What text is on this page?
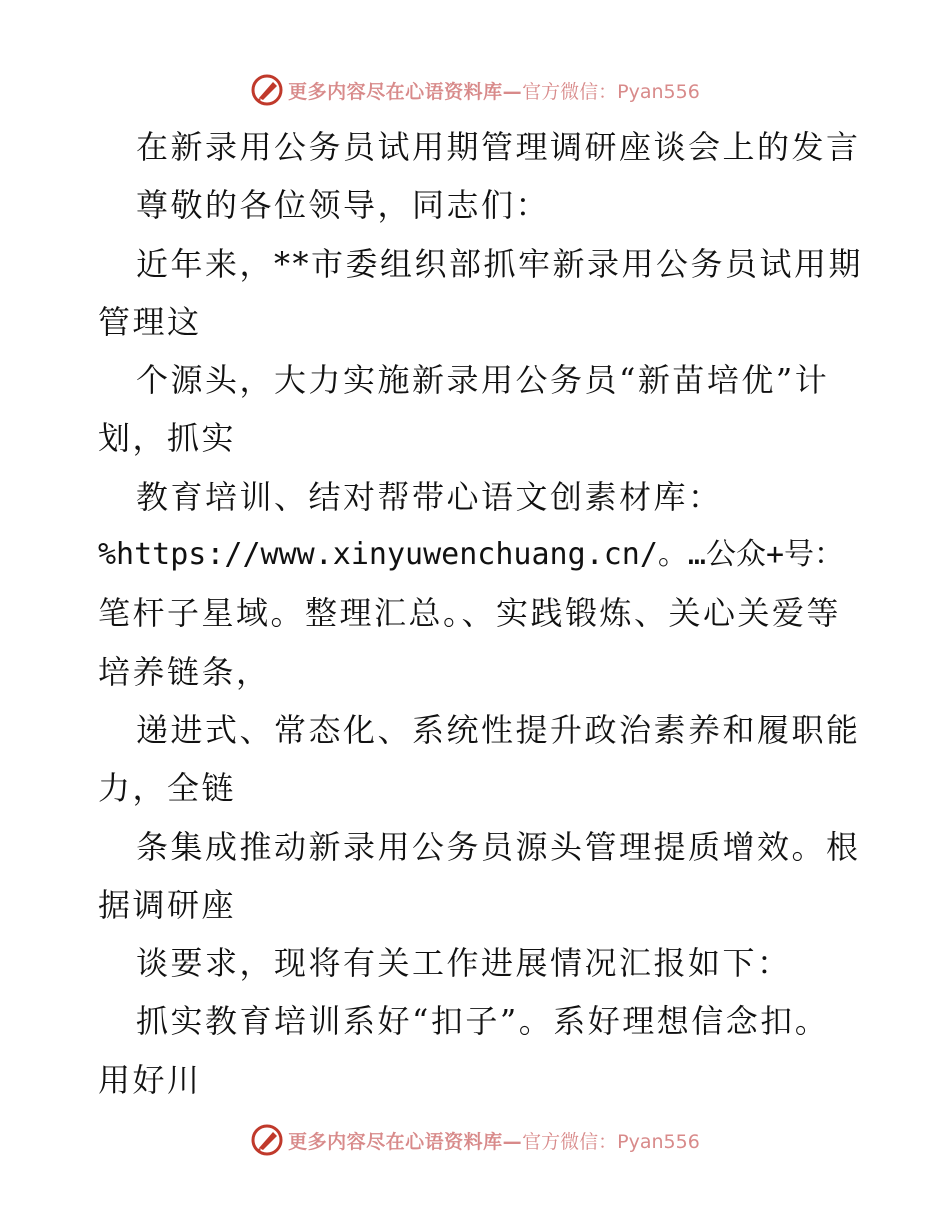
更多内容尽在心语资料库— 官方微信：Pyan556
在新录用公务员试用期管理调研座谈会上的发言
尊敬的各位领导，同志们：
近年来，**市委组织部抓牢新录用公务员试用期
管理这
个源头，大力实施新录用公务员“新苗培优”计
划，抓实
教育培训、结对帮带心语文创素材库：
%https://www.xinyuwenchuang.cn/。…公众+号：
笔杆子星域。整理汇总。、实践锻炼、关心关爱等
培养链条，
递进式、常态化、系统性提升政治素养和履职能
力，全链
条集成推动新录用公务员源头管理提质增效。根
据调研座
谈要求，现将有关工作进展情况汇报如下：
抓实教育培训系好“扣子”。系好理想信念扣。
用好川
更多内容尽在心语资料库— 官方微信：Pyan556
